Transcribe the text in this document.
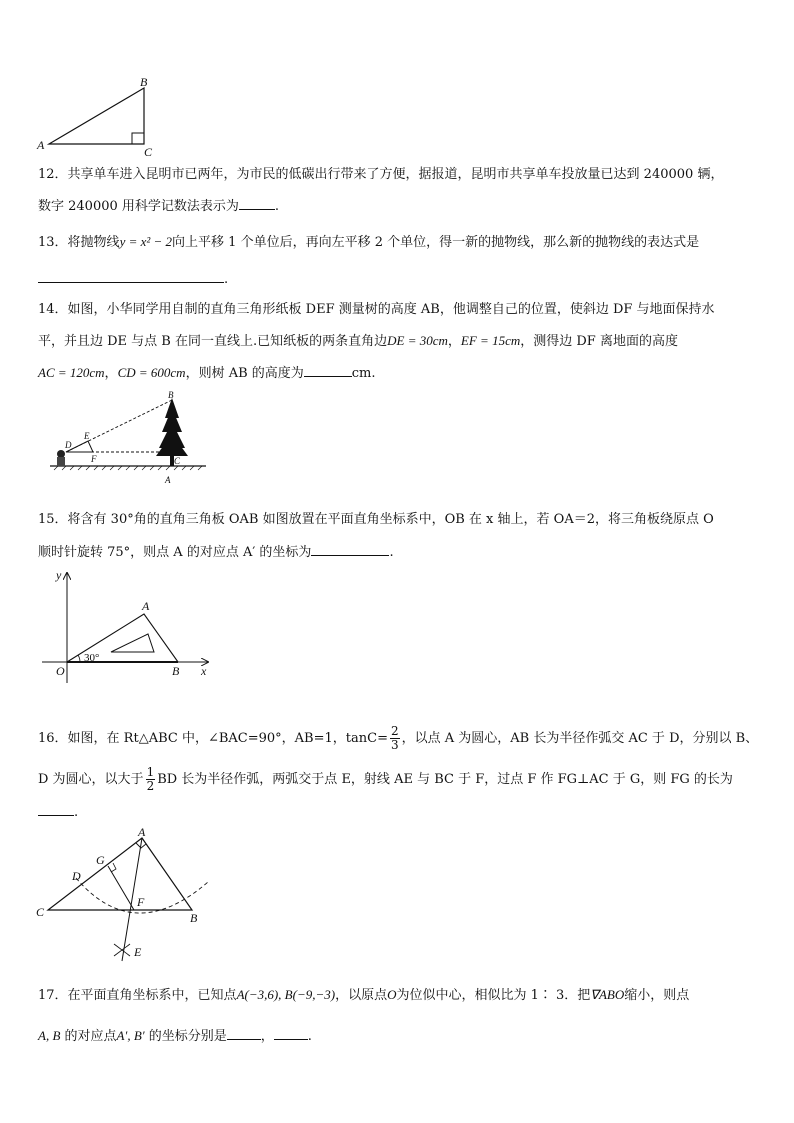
A
B
C
12．共享单车进入昆明市已两年，为市民的低碳出行带来了方便，据报道，昆明市共享单车投放量已达到 240000 辆，
数字 240000 用科学记数法表示为	.
13．将抛物线y = x² − 2向上平移 1 个单位后，再向左平移 2 个单位，得一新的抛物线，那么新的抛物线的表达式是
.
14．如图，小华同学用自制的直角三角形纸板 DEF 测量树的高度 AB，他调整自己的位置，使斜边 DF 与地面保持水
平，并且边 DE 与点 B 在同一直线上.已知纸板的两条直角边DE = 30cm，EF = 15cm，测得边 DF 离地面的高度
AC = 120cm，CD = 600cm，则树 AB 的高度为	cm.
B
D
E
F	C
A
15．将含有 30°角的直角三角板 OAB 如图放置在平面直角坐标系中，OB 在 x 轴上，若 OA＝2，将三角板绕原点 O
顺时针旋转 75°，则点 A 的对应点 A′ 的坐标为	.
y
x
O
A
B
30°
16．如图，在 Rt△ABC 中，∠BAC=90°，AB=1，$\tan C= \frac{2}{3}$ ，以点 A 为圆心，AB 长为半径作弧交 AC 于 D，分别以 B、
D 为圆心，以大于 $\frac{1}{2}$ BD 长为半径作弧，两弧交于点 E，射线 AE 与 BC 于 F，过点 F 作 FG⊥AC 于 G，则 FG 的长为
.
A
G
D
C
F
B
E
17．在平面直角坐标系中，已知点A(−3,6), B(−9,−3)，以原点O为位似中心，相似比为 1∶ 3．把∇ABO缩小，则点
A, B 的对应点A′, B′ 的坐标分别是	，	.
